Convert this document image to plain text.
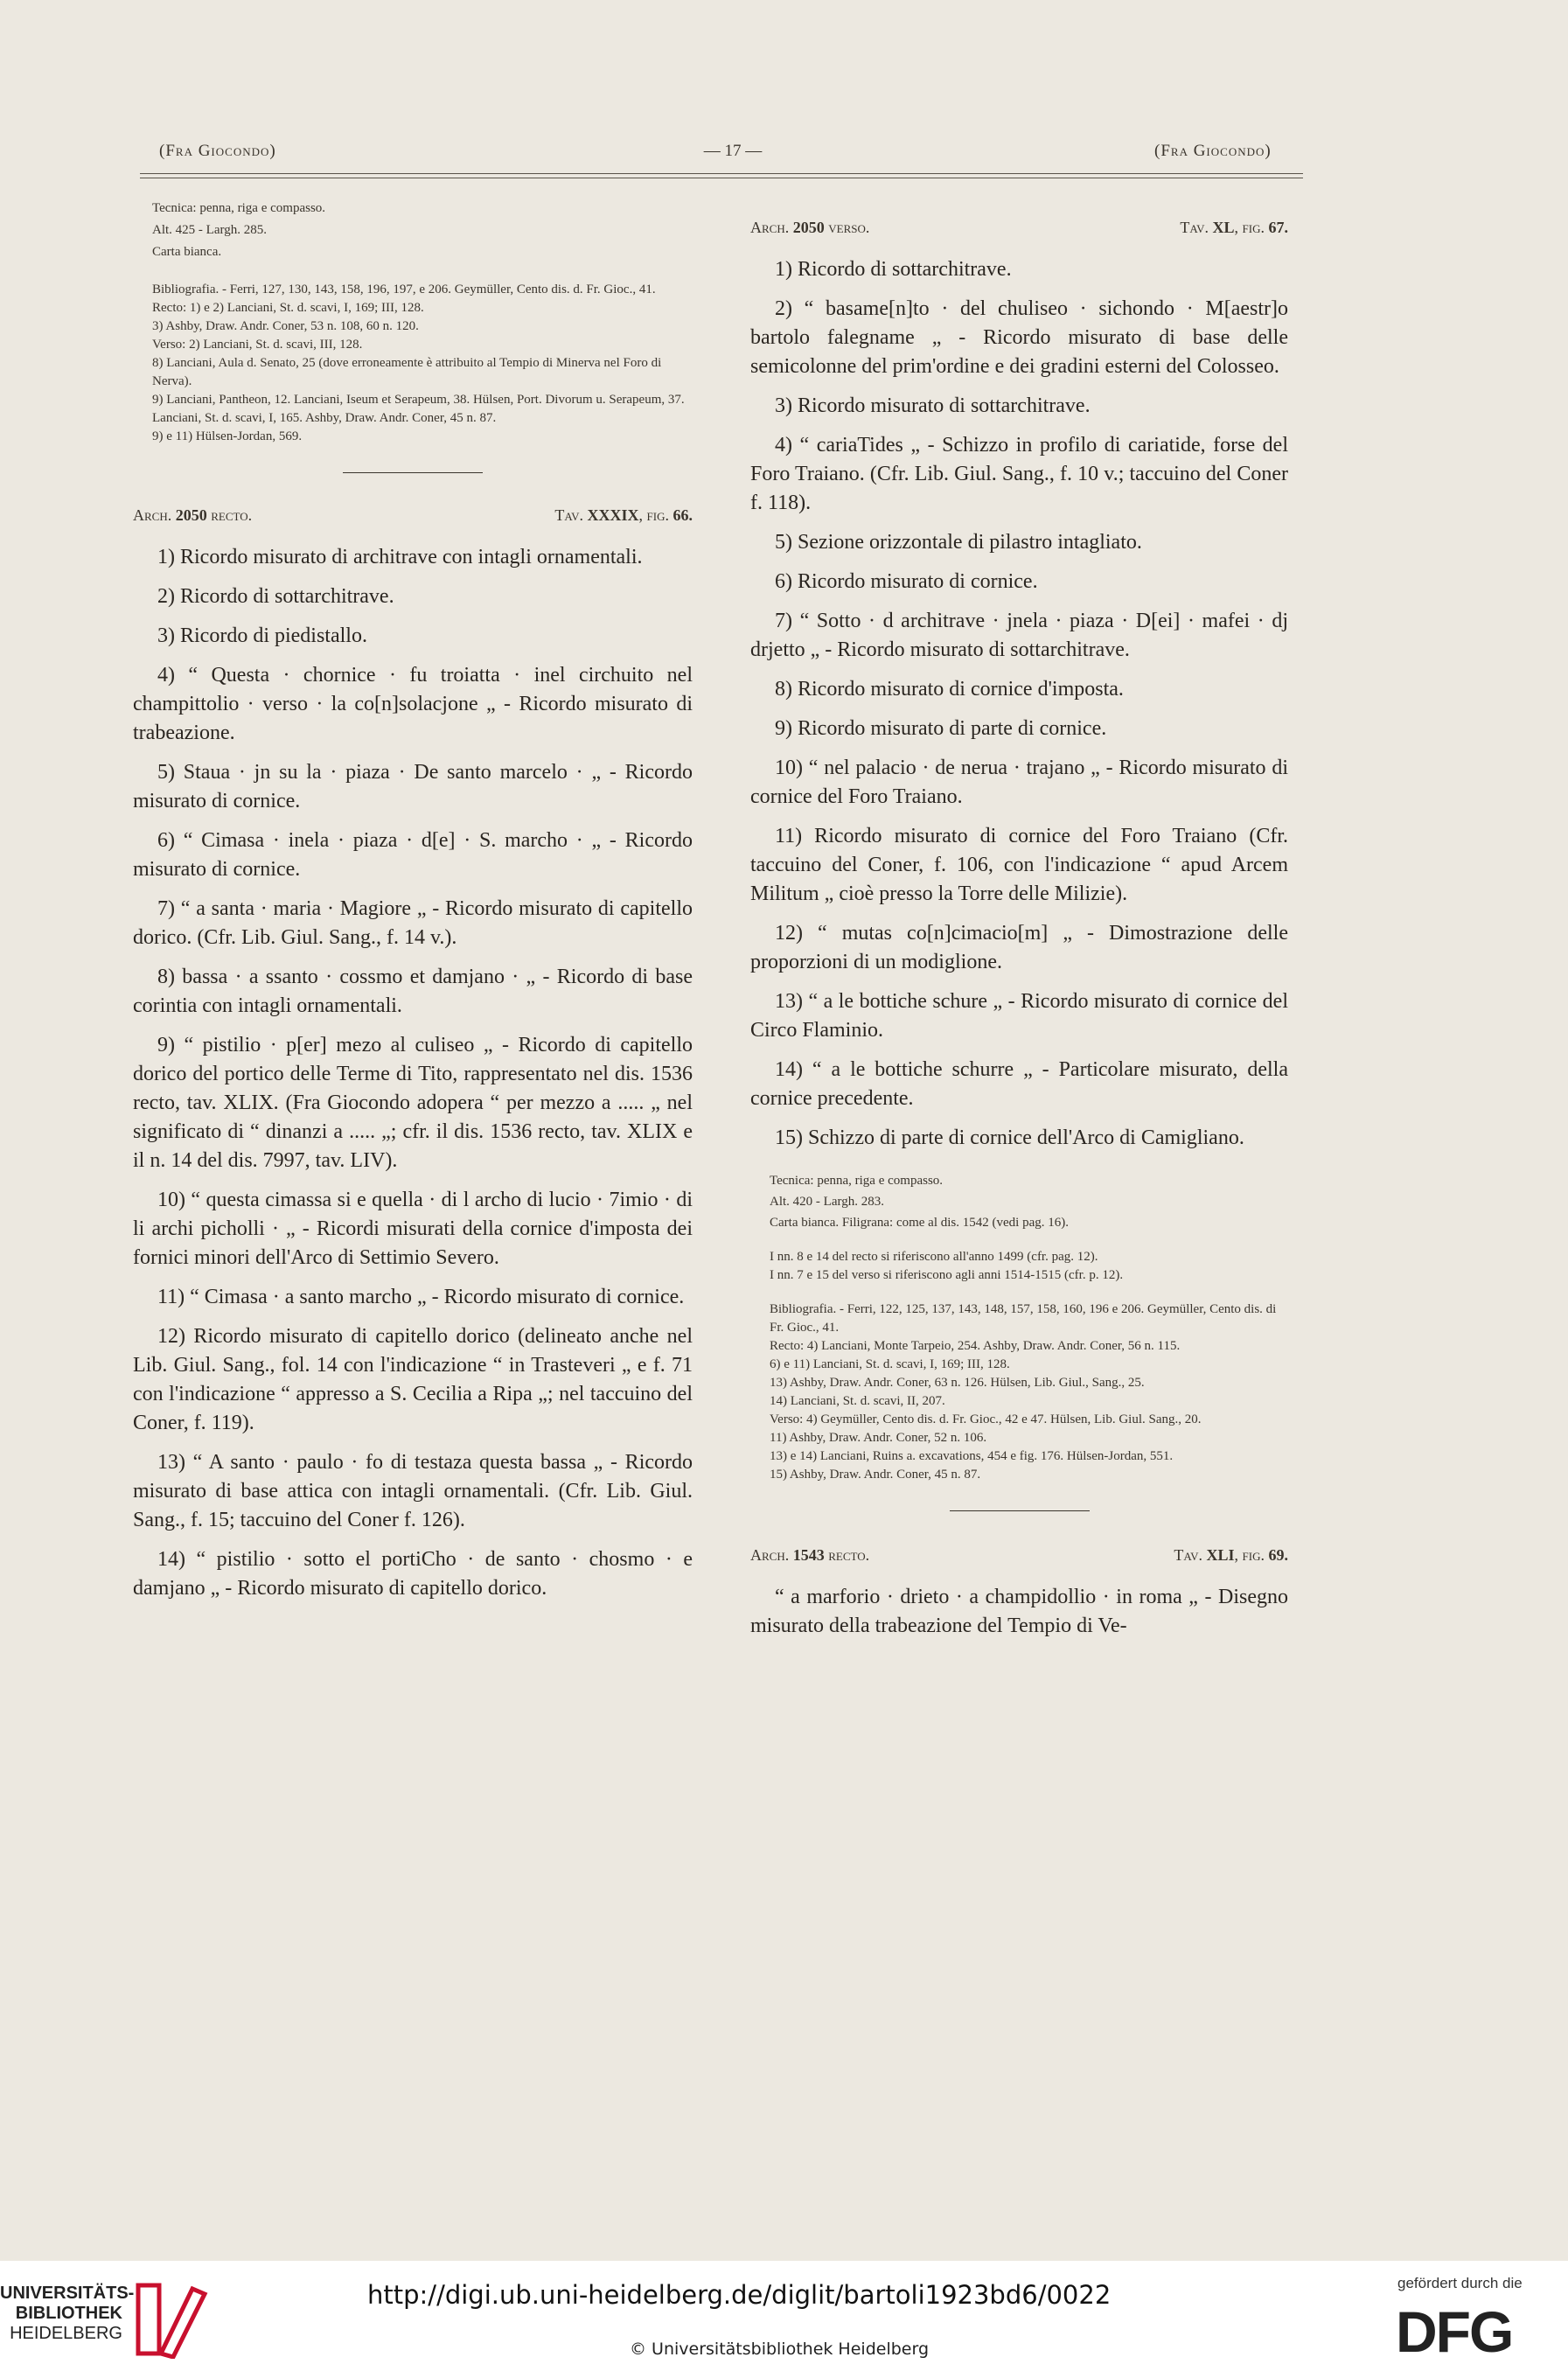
(Fra Giocondo)	— 17 —	(Fra Giocondo)
Tecnica: penna, riga e compasso.
Alt. 425 - Largh. 285.
Carta bianca.
Bibliografia. - Ferri, 127, 130, 143, 158, 196, 197, e 206. Geymüller, Cento dis. d. Fr. Gioc., 41.
Recto: 1) e 2) Lanciani, St. d. scavi, I, 169; III, 128.
3) Ashby, Draw. Andr. Coner, 53 n. 108, 60 n. 120.
Verso: 2) Lanciani, St. d. scavi, III, 128.
8) Lanciani, Aula d. Senato, 25 (dove erroneamente è attribuito al Tempio di Minerva nel Foro di Nerva).
9) Lanciani, Pantheon, 12. Lanciani, Iseum et Serapeum, 38. Hülsen, Port. Divorum u. Serapeum, 37. Lanciani, St. d. scavi, I, 165. Ashby, Draw. Andr. Coner, 45 n. 87.
9) e 11) Hülsen-Jordan, 569.
Arch. 2050 recto.	Tav. XXXIX, fig. 66.

1) Ricordo misurato di architrave con intagli ornamentali.

2) Ricordo di sottarchitrave.

3) Ricordo di piedistallo.

4) “ Questa · chornice · fu troiatta · inel circhuito nel champittolio · verso · la co[n]solacjone „ - Ricordo misurato di trabeazione.

5) Staua · jn su la · piaza · De santo marcelo · „ - Ricordo misurato di cornice.

6) “ Cimasa · inela · piaza · d[e] · S. marcho · „ - Ricordo misurato di cornice.

7) “ a santa · maria · Magiore „ - Ricordo misurato di capitello dorico. (Cfr. Lib. Giul. Sang., f. 14 v.).

8) bassa · a ssanto · cossmo et damjano · „ - Ricordo di base corintia con intagli ornamentali.

9) “ pistilio · p[er] mezo al culiseo „ - Ricordo di capitello dorico del portico delle Terme di Tito, rappresentato nel dis. 1536 recto, tav. XLIX. (Fra Giocondo adopera “ per mezzo a ..... „ nel significato di “ dinanzi a ..... „; cfr. il dis. 1536 recto, tav. XLIX e il n. 14 del dis. 7997, tav. LIV).

10) “ questa cimassa si e quella · di l archo di lucio · 7imio · di li archi picholli · „ - Ricordi misurati della cornice d'imposta dei fornici minori dell'Arco di Settimio Severo.

11) “ Cimasa · a santo marcho „ - Ricordo misurato di cornice.

12) Ricordo misurato di capitello dorico (delineato anche nel Lib. Giul. Sang., fol. 14 con l'indicazione “ in Trasteveri „ e f. 71 con l'indicazione “ appresso a S. Cecilia a Ripa „; nel taccuino del Coner, f. 119).

13) “ A santo · paulo · fo di testaza questa bassa „ - Ricordo misurato di base attica con intagli ornamentali. (Cfr. Lib. Giul. Sang., f. 15; taccuino del Coner f. 126).

14) “ pistilio · sotto el portiCho · de santo · chosmo · e damjano „ - Ricordo misurato di capitello dorico.

Arch. 2050 verso.	Tav. XL, fig. 67.

1) Ricordo di sottarchitrave.

2) “ basame[n]to · del chuliseo · sichondo · M[aestr]o bartolo falegname „ - Ricordo misurato di base delle semicolonne del prim'ordine e dei gradini esterni del Colosseo.

3) Ricordo misurato di sottarchitrave.

4) “ cariaTides „ - Schizzo in profilo di cariatide, forse del Foro Traiano. (Cfr. Lib. Giul. Sang., f. 10 v.; taccuino del Coner f. 118).

5) Sezione orizzontale di pilastro intagliato.

6) Ricordo misurato di cornice.

7) “ Sotto · d architrave · jnela · piaza · D[ei] · mafei · dj drjetto „ - Ricordo misurato di sottarchitrave.

8) Ricordo misurato di cornice d'imposta.

9) Ricordo misurato di parte di cornice.

10) “ nel palacio · de nerua · trajano „ - Ricordo misurato di cornice del Foro Traiano.

11) Ricordo misurato di cornice del Foro Traiano (Cfr. taccuino del Coner, f. 106, con l'indicazione “ apud Arcem Militum „ cioè presso la Torre delle Milizie).

12) “ mutas co[n]cimacio[m] „ - Dimostrazione delle proporzioni di un modiglione.

13) “ a le bottiche schure „ - Ricordo misurato di cornice del Circo Flaminio.

14) “ a le bottiche schurre „ - Particolare misurato, della cornice precedente.

15) Schizzo di parte di cornice dell'Arco di Camigliano.

Tecnica: penna, riga e compasso.
Alt. 420 - Largh. 283.
Carta bianca. Filigrana: come al dis. 1542 (vedi pag. 16).
I nn. 8 e 14 del recto si riferiscono all'anno 1499 (cfr. pag. 12).
I nn. 7 e 15 del verso si riferiscono agli anni 1514-1515 (cfr. p. 12).
Bibliografia. - Ferri, 122, 125, 137, 143, 148, 157, 158, 160, 196 e 206. Geymüller, Cento dis. di Fr. Gioc., 41.
Recto: 4) Lanciani, Monte Tarpeio, 254. Ashby, Draw. Andr. Coner, 56 n. 115.
6) e 11) Lanciani, St. d. scavi, I, 169; III, 128.
13) Ashby, Draw. Andr. Coner, 63 n. 126. Hülsen, Lib. Giul., Sang., 25.
14) Lanciani, St. d. scavi, II, 207.
Verso: 4) Geymüller, Cento dis. d. Fr. Gioc., 42 e 47. Hülsen, Lib. Giul. Sang., 20.
11) Ashby, Draw. Andr. Coner, 52 n. 106.
13) e 14) Lanciani, Ruins a. excavations, 454 e fig. 176. Hülsen-Jordan, 551.
15) Ashby, Draw. Andr. Coner, 45 n. 87.
Arch. 1543 recto.	Tav. XLI, fig. 69.

“ a marforio · drieto · a champidollio · in roma „ - Disegno misurato della trabeazione del Tempio di Ve-

UNIVERSITÄTS-
BIBLIOTHEK
HEIDELBERG
http://digi.ub.uni-heidelberg.de/diglit/bartoli1923bd6/0022
© Universitätsbibliothek Heidelberg
gefördert durch die
DFG
